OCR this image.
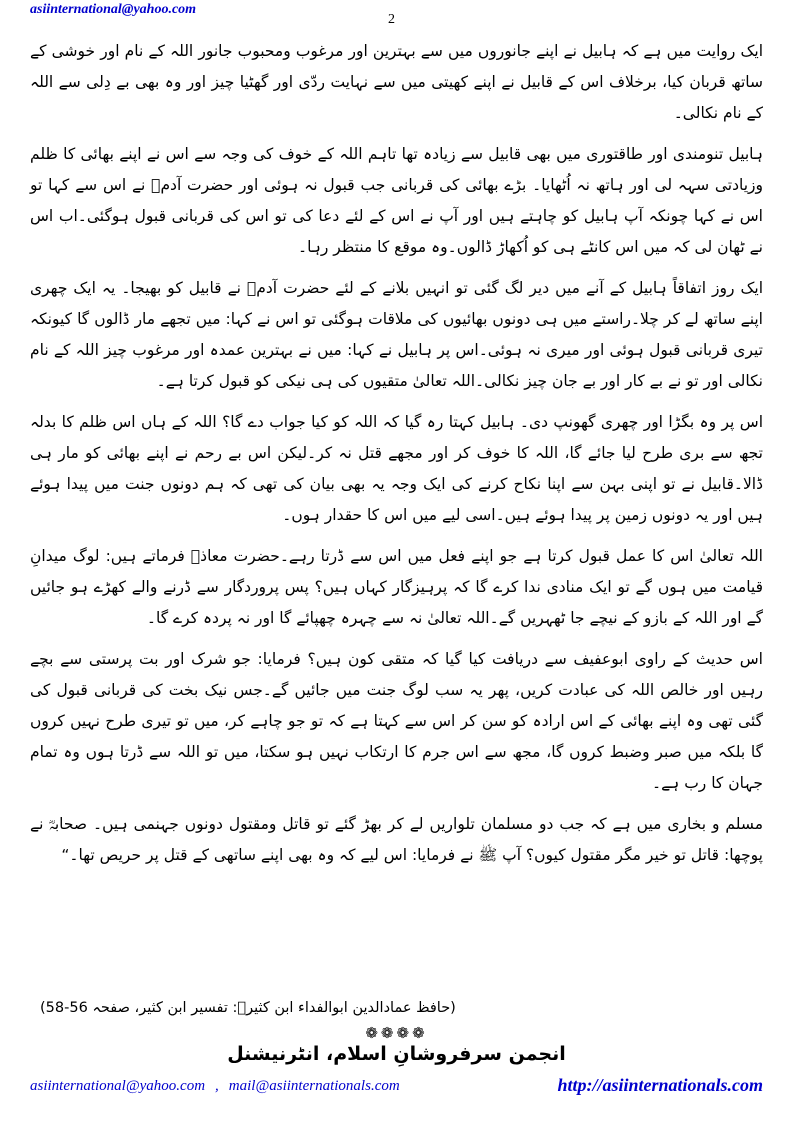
asiinternational@yahoo.com
2

ایک روایت میں ہے کہ ہابیل نے اپنے جانوروں میں سے بہترین اور مرغوب ومحبوب جانور اللہ کے نام اور خوشی کے ساتھ قربان کیا، برخلاف اس کے قابیل نے اپنے کھیتی میں سے نہایت ردّی اور گھٹیا چیز اور وہ بھی بے دِلی سے اللہ کے نام نکالی۔

ہابیل تنومندی اور طاقتوری میں بھی قابیل سے زیادہ تھا تاہم اللہ کے خوف کی وجہ سے اس نے اپنے بھائی کا ظلم وزیادتی سہہ لی اور ہاتھ نہ اُٹھایا۔ بڑے بھائی کی قربانی جب قبول نہ ہوئی اور حضرت آدمؑ نے اس سے کہا تو اس نے کہا چونکہ آپ ہابیل کو چاہتے ہیں اور آپ نے اس کے لئے دعا کی تو اس کی قربانی قبول ہوگئی۔اب اس نے ٹھان لی کہ میں اس کانٹے ہی کو اُکھاڑ ڈالوں۔وہ موقع کا منتظر رہا۔

ایک روز اتفاقاً ہابیل کے آنے میں دیر لگ گئی تو انہیں بلانے کے لئے حضرت آدمؑ نے قابیل کو بھیجا۔ یہ ایک چھری اپنے ساتھ لے کر چلا۔راستے میں ہی دونوں بھائیوں کی ملاقات ہوگئی تو اس نے کہا: میں تجھے مار ڈالوں گا کیونکہ تیری قربانی قبول ہوئی اور میری نہ ہوئی۔اس پر ہابیل نے کہا: میں نے بہترین عمدہ اور مرغوب چیز اللہ کے نام نکالی اور تو نے بے کار اور بے جان چیز نکالی۔اللہ تعالیٰ متقیوں کی ہی نیکی کو قبول کرتا ہے۔

اس پر وہ بگڑا اور چھری گھونپ دی۔ ہابیل کہتا رہ گیا کہ اللہ کو کیا جواب دے گا؟ اللہ کے ہاں اس ظلم کا بدلہ تجھ سے بری طرح لیا جائے گا، اللہ کا خوف کر اور مجھے قتل نہ کر۔لیکن اس بے رحم نے اپنے بھائی کو مار ہی ڈالا۔قابیل نے تو اپنی بہن سے اپنا نکاح کرنے کی ایک وجہ یہ بھی بیان کی تھی کہ ہم دونوں جنت میں پیدا ہوئے ہیں اور یہ دونوں زمین پر پیدا ہوئے ہیں۔اسی لیے میں اس کا حقدار ہوں۔

اللہ تعالیٰ اس کا عمل قبول کرتا ہے جو اپنے فعل میں اس سے ڈرتا رہے۔حضرت معاذؓ فرماتے ہیں: لوگ میدانِ قیامت میں ہوں گے تو ایک منادی ندا کرے گا کہ پرہیزگار کہاں ہیں؟ پس پروردگار سے ڈرنے والے کھڑے ہو جائیں گے اور اللہ کے بازو کے نیچے جا ٹھہریں گے۔اللہ تعالیٰ نہ سے چہرہ چھپائے گا اور نہ پردہ کرے گا۔

اس حدیث کے راوی ابوعفیف سے دریافت کیا گیا کہ متقی کون ہیں؟ فرمایا: جو شرک اور بت پرستی سے بچے رہیں اور خالص اللہ کی عبادت کریں، پھر یہ سب لوگ جنت میں جائیں گے۔جس نیک بخت کی قربانی قبول کی گئی تھی وہ اپنے بھائی کے اس ارادہ کو سن کر اس سے کہتا ہے کہ تو جو چاہے کر، میں تو تیری طرح نہیں کروں گا بلکہ میں صبر وضبط کروں گا، مجھ سے اس جرم کا ارتکاب نہیں ہو سکتا، میں تو اللہ سے ڈرتا ہوں وہ تمام جہان کا رب ہے۔

مسلم و بخاری میں ہے کہ جب دو مسلمان تلواریں لے کر بھڑ گئے تو قاتل ومقتول دونوں جہنمی ہیں۔ صحابہؓ نے پوچھا: قاتل تو خیر مگر مقتول کیوں؟ آپ ﷺ نے فرمایا: اس لیے کہ وہ بھی اپنے ساتھی کے قتل پر حریص تھا۔“

(حافظ عمادالدین ابوالفداء ابن کثیرؒ: تفسیر ابن کثیر، صفحہ 56-58)
❁❁❁❁
انجمن سرفروشانِ اسلام، انٹرنیشنل
asiinternational@yahoo.com , mail@asiinternationals.com	http://asiinternationals.com
